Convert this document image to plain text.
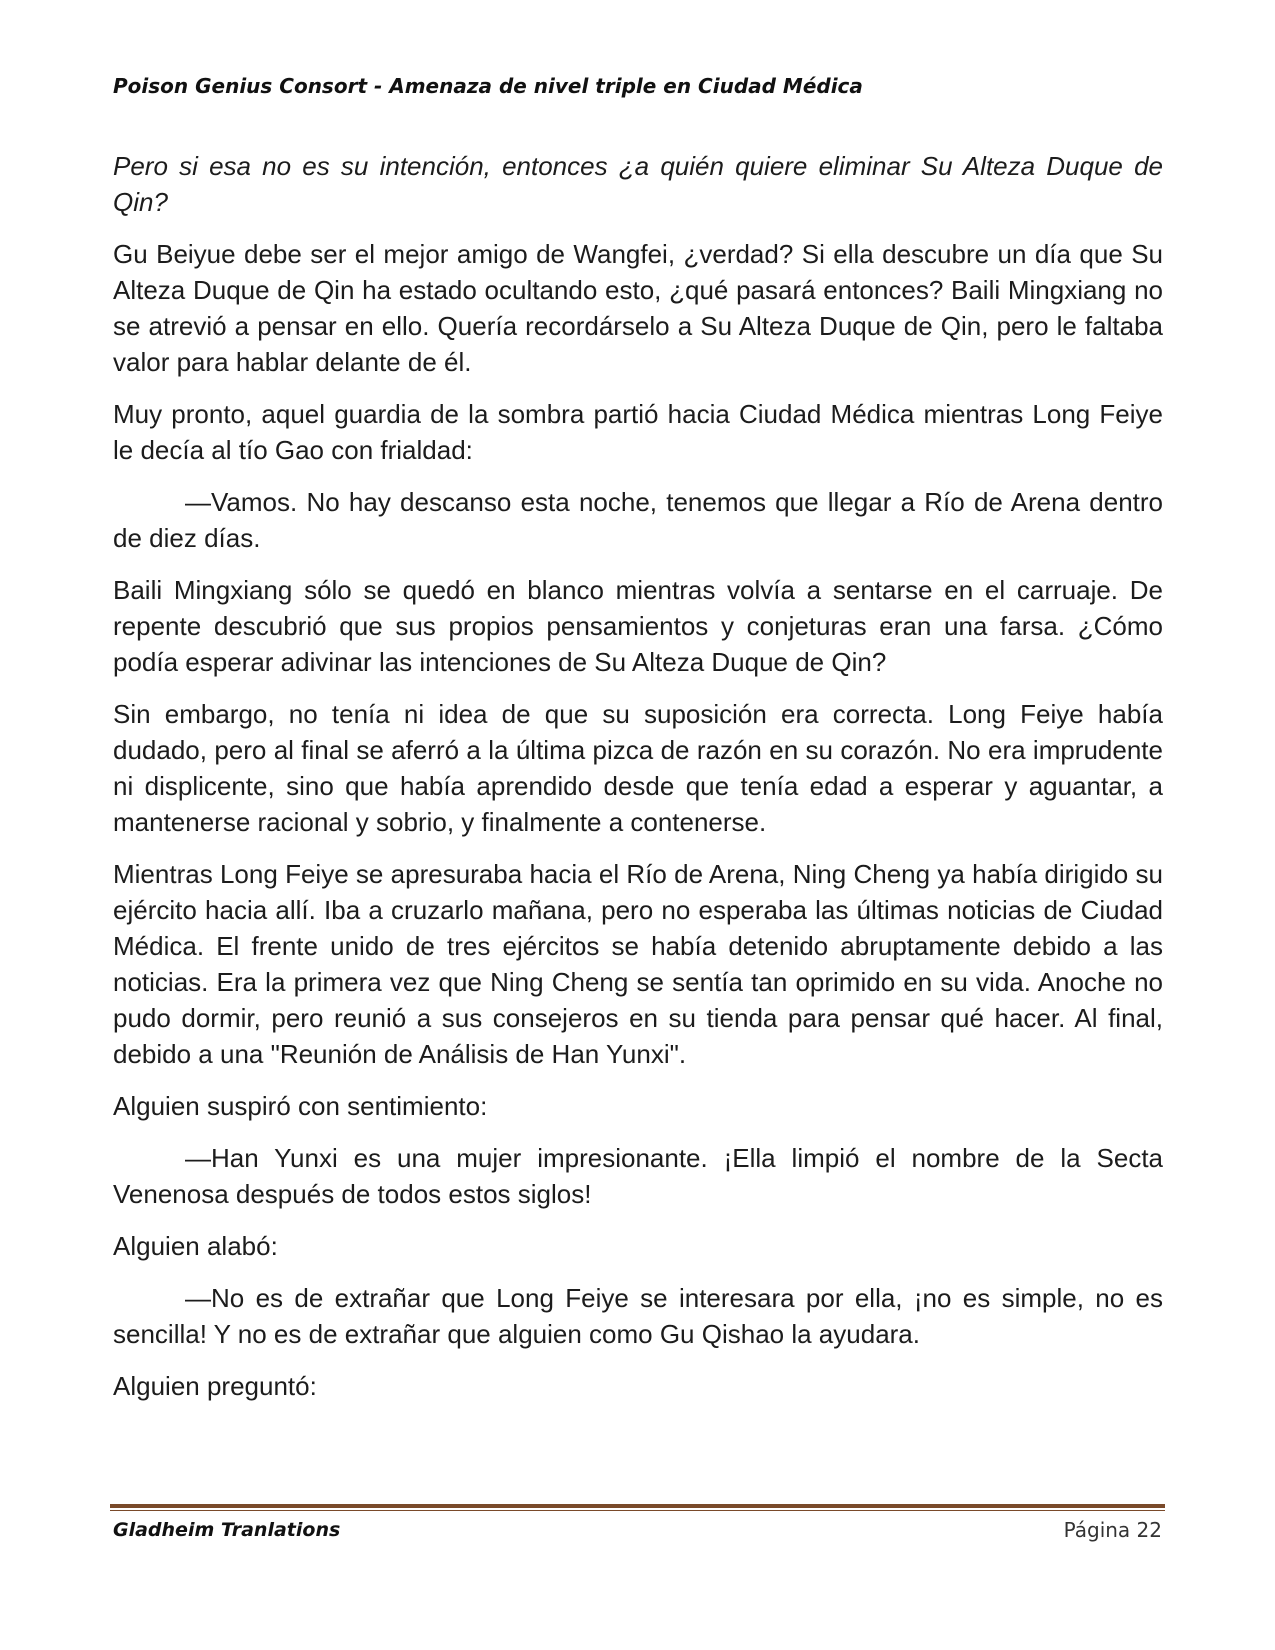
Poison Genius Consort - Amenaza de nivel triple en Ciudad Médica

Pero si esa no es su intención, entonces ¿a quién quiere eliminar Su Alteza Duque de Qin?

Gu Beiyue debe ser el mejor amigo de Wangfei, ¿verdad? Si ella descubre un día que Su Alteza Duque de Qin ha estado ocultando esto, ¿qué pasará entonces? Baili Mingxiang no se atrevió a pensar en ello. Quería recordárselo a Su Alteza Duque de Qin, pero le faltaba valor para hablar delante de él.

Muy pronto, aquel guardia de la sombra partió hacia Ciudad Médica mientras Long Feiye le decía al tío Gao con frialdad:

—Vamos. No hay descanso esta noche, tenemos que llegar a Río de Arena dentro de diez días.

Baili Mingxiang sólo se quedó en blanco mientras volvía a sentarse en el carruaje. De repente descubrió que sus propios pensamientos y conjeturas eran una farsa. ¿Cómo podía esperar adivinar las intenciones de Su Alteza Duque de Qin?

Sin embargo, no tenía ni idea de que su suposición era correcta. Long Feiye había dudado, pero al final se aferró a la última pizca de razón en su corazón. No era imprudente ni displicente, sino que había aprendido desde que tenía edad a esperar y aguantar, a mantenerse racional y sobrio, y finalmente a contenerse.

Mientras Long Feiye se apresuraba hacia el Río de Arena, Ning Cheng ya había dirigido su ejército hacia allí. Iba a cruzarlo mañana, pero no esperaba las últimas noticias de Ciudad Médica. El frente unido de tres ejércitos se había detenido abruptamente debido a las noticias. Era la primera vez que Ning Cheng se sentía tan oprimido en su vida. Anoche no pudo dormir, pero reunió a sus consejeros en su tienda para pensar qué hacer. Al final, debido a una "Reunión de Análisis de Han Yunxi".

Alguien suspiró con sentimiento:

—Han Yunxi es una mujer impresionante. ¡Ella limpió el nombre de la Secta Venenosa después de todos estos siglos!

Alguien alabó:

—No es de extrañar que Long Feiye se interesara por ella, ¡no es simple, no es sencilla! Y no es de extrañar que alguien como Gu Qishao la ayudara.

Alguien preguntó:

Gladheim Tranlations	Página 22
